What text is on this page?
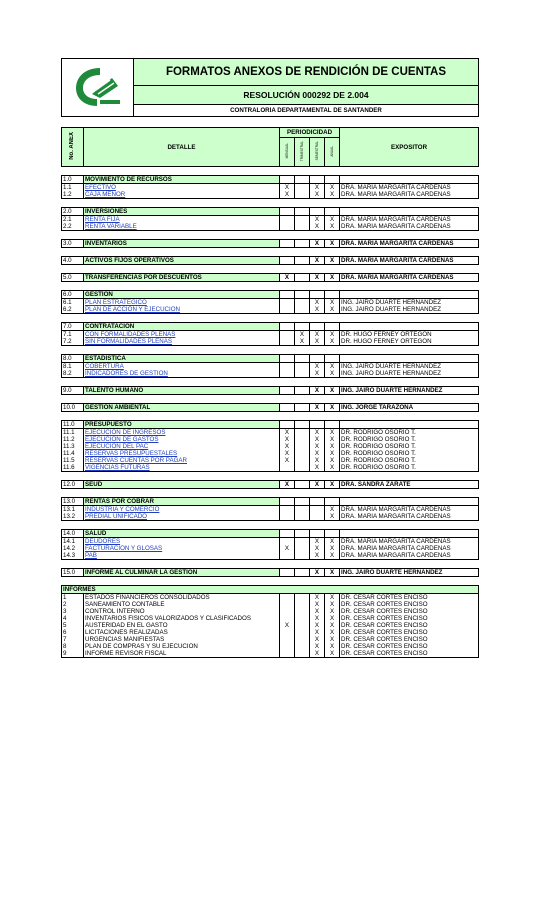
	FORMATOS ANEXOS DE RENDICIÓN DE CUENTAS
RESOLUCIÓN 000292 DE 2.004
CONTRALORIA DEPARTAMENTAL DE SANTANDER
No. ANEX	DETALLE	PERIODICIDAD				EXPOSITOR
		MENSUAL	TRIMESTRAL	SEMESTRAL	ANUAL	

1.0	MOVIMIENTO DE RECURSOS					
1.1	EFECTIVO	X		X	X	DRA. MARIA MARGARITA CARDENAS
1.2	CAJA MENOR	X		X	X	DRA. MARIA MARGARITA CARDENAS

2.0	INVERSIONES					
2.1	RENTA FIJA			X	X	DRA. MARIA MARGARITA CARDENAS
2.2	RENTA VARIABLE			X	X	DRA. MARIA MARGARITA CARDENAS

3.0	INVENTARIOS			X	X	DRA. MARIA MARGARITA CARDENAS

4.0	ACTIVOS FIJOS OPERATIVOS			X	X	DRA. MARIA MARGARITA CARDENAS

5.0	TRANSFERENCIAS POR DESCUENTOS	X		X	X	DRA. MARIA MARGARITA CARDENAS

6.0	GESTION					
6.1	PLAN ESTRATEGICO			X	X	ING. JAIRO DUARTE HERNANDEZ
6.2	PLAN DE ACCION Y EJECUCION			X	X	ING. JAIRO DUARTE HERNANDEZ

7.0	CONTRATACION					
7.1	CON FORMALIDADES PLENAS		X	X	X	DR. HUGO FERNEY ORTEGON
7.2	SIN FORMALIDADES PLENAS		X	X	X	DR. HUGO FERNEY ORTEGON

8.0	ESTADISTICA					
8.1	COBERTURA			X	X	ING. JAIRO DUARTE HERNANDEZ
8.2	INDICADORES DE GESTION			X	X	ING. JAIRO DUARTE HERNANDEZ

9.0	TALENTO HUMANO			X	X	ING. JAIRO DUARTE HERNANDEZ

10.0	GESTION AMBIENTAL			X	X	ING. JORGE TARAZONA

11.0	PRESUPUESTO					
11.1	EJECUCION DE INGRESOS	X		X	X	DR. RODRIGO OSORIO T.
11.2	EJECUCION DE GASTOS	X		X	X	DR. RODRIGO OSORIO T.
11.3	EJECUCION DEL PAC	X		X	X	DR. RODRIGO OSORIO T.
11.4	RESERVAS PRESUPUESTALES	X		X	X	DR. RODRIGO OSORIO T.
11.5	RESERVAS CUENTAS POR PAGAR	X		X	X	DR. RODRIGO OSORIO T.
11.6	VIGENCIAS FUTURAS			X	X	DR. RODRIGO OSORIO T.

12.0	SEUD	X		X	X	DRA. SANDRA ZARATE

13.0	RENTAS POR COBRAR					
13.1	INDUSTRIA Y COMERCIO				X	DRA. MARIA MARGARITA CARDENAS
13.2	PREDIAL UNIFICADO				X	DRA. MARIA MARGARITA CARDENAS

14.0	SALUD					
14.1	DEUDORES			X	X	DRA. MARIA MARGARITA CARDENAS
14.2	FACTURACION Y GLOSAS	X		X	X	DRA. MARIA MARGARITA CARDENAS
14.3	PAB			X	X	DRA. MARIA MARGARITA CARDENAS

15.0	INFORME AL CULMINAR LA GESTION			X	X	ING. JAIRO DUARTE HERNANDEZ

INFORMES						
1	ESTADOS FINANCIEROS CONSOLIDADOS			X	X	DR. CESAR CORTES ENCISO
2	SANEAMIENTO CONTABLE			X	X	DR. CESAR CORTES ENCISO
3	CONTROL INTERNO			X	X	DR. CESAR CORTES ENCISO
4	INVENTARIOS FISICOS VALORIZADOS Y CLASIFICADOS			X	X	DR. CESAR CORTES ENCISO
5	AUSTERIDAD EN EL GASTO	X		X	X	DR. CESAR CORTES ENCISO
6	LICITACIONES REALIZADAS			X	X	DR. CESAR CORTES ENCISO
7	URGENCIAS MANIFIESTAS			X	X	DR. CESAR CORTES ENCISO
8	PLAN DE COMPRAS Y SU EJECUCION			X	X	DR. CESAR CORTES ENCISO
9	INFORME REVISOR FISCAL			X	X	DR. CESAR CORTES ENCISO
